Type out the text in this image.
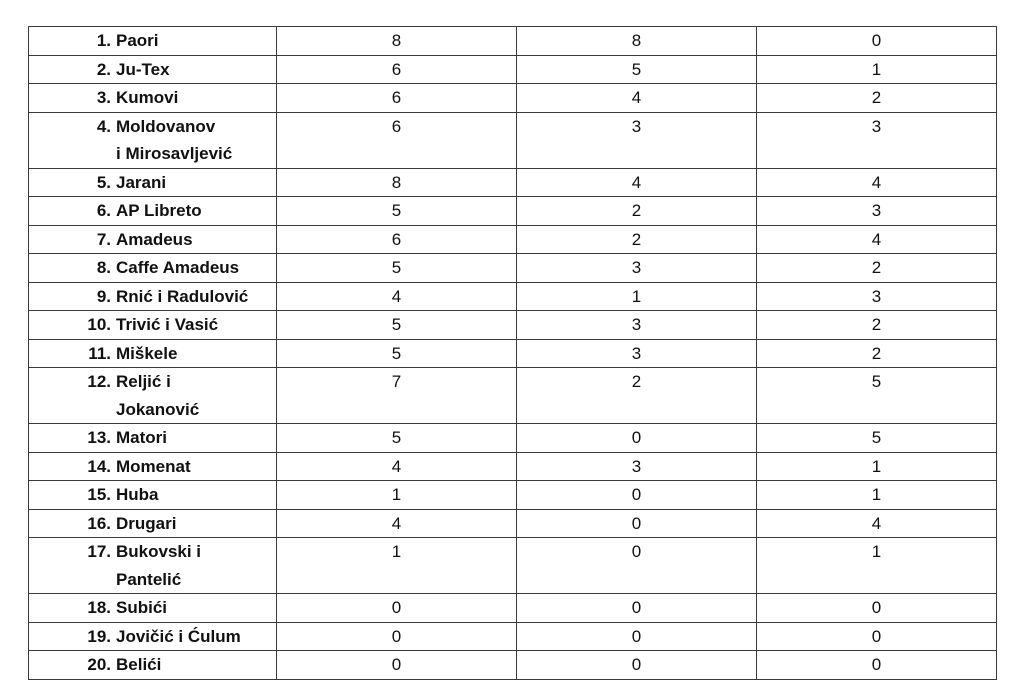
1. Paori	8	8	0

2. Ju-Tex	6	5	1

3. Kumovi	6	4	2

4. Moldovanov
i Mirosavljević	6	3	3

5. Jarani	8	4	4

6. AP Libreto	5	2	3

7. Amadeus	6	2	4

8. Caffe Amadeus	5	3	2

9. Rnić i Radulović	4	1	3

10. Trivić i Vasić	5	3	2

11. Miškele	5	3	2

12. Reljić i
Jokanović	7	2	5

13. Matori	5	0	5

14. Momenat	4	3	1

15. Huba	1	0	1

16. Drugari	4	0	4

17. Bukovski i
Pantelić	1	0	1

18. Subići	0	0	0

19. Jovičić i Ćulum	0	0	0

20. Belići	0	0	0
